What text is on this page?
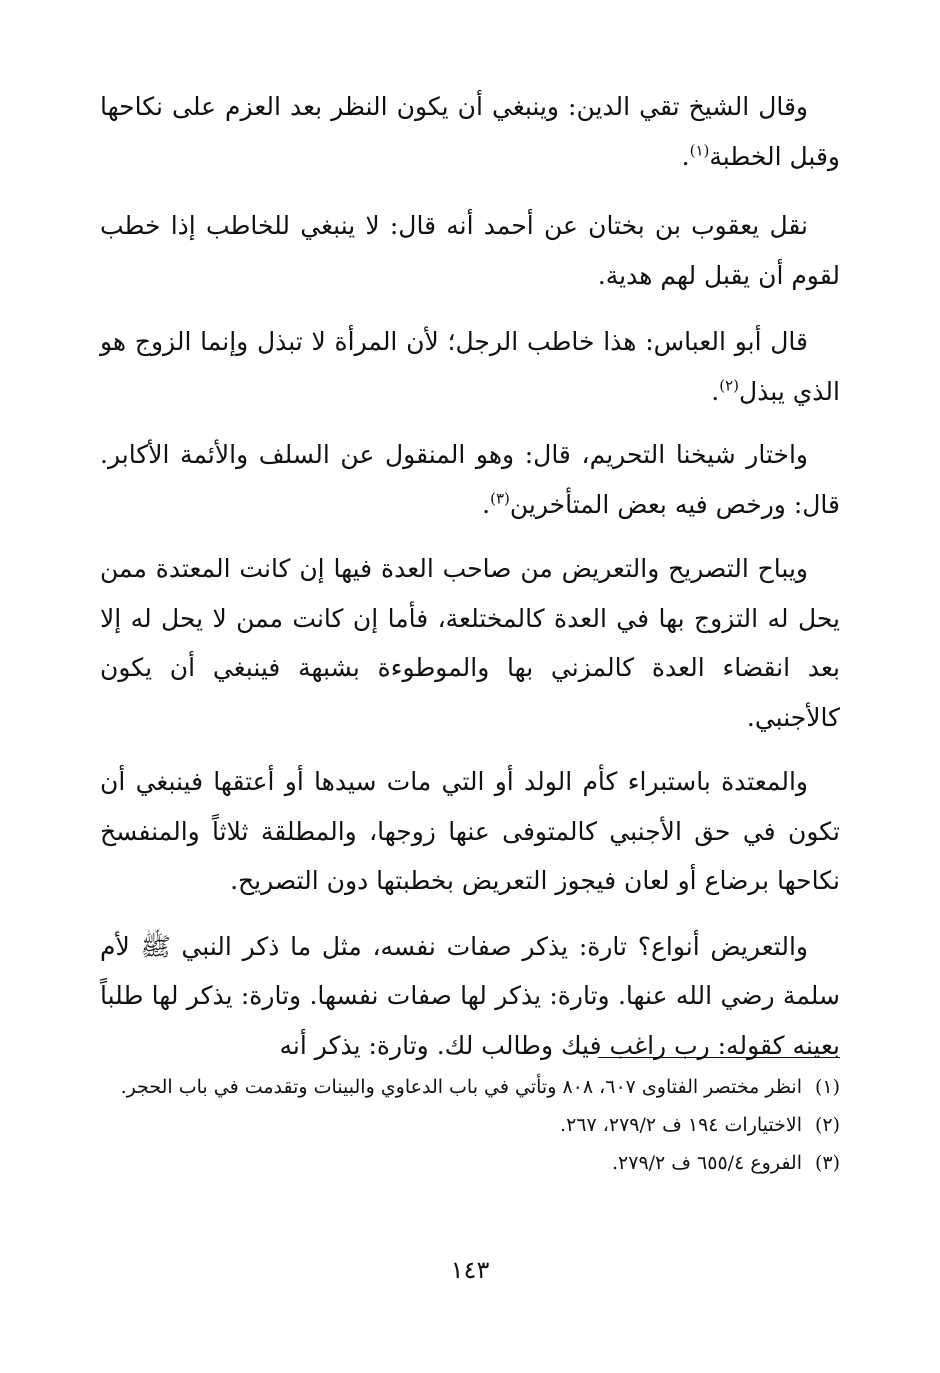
وقال الشيخ تقي الدين: وينبغي أن يكون النظر بعد العزم على نكاحها وقبل الخطبة$^{(١)}$.

نقل يعقوب بن بختان عن أحمد أنه قال: لا ينبغي للخاطب إذا خطب لقوم أن يقبل لهم هدية.

قال أبو العباس: هذا خاطب الرجل؛ لأن المرأة لا تبذل وإنما الزوج هو الذي يبذل$^{(٢)}$.

واختار شيخنا التحريم، قال: وهو المنقول عن السلف والأئمة الأكابر. قال: ورخص فيه بعض المتأخرين$^{(٣)}$.

ويباح التصريح والتعريض من صاحب العدة فيها إن كانت المعتدة ممن يحل له التزوج بها في العدة كالمختلعة، فأما إن كانت ممن لا يحل له إلا بعد انقضاء العدة كالمزني بها والموطوءة بشبهة فينبغي أن يكون كالأجنبي.

والمعتدة باستبراء كأم الولد أو التي مات سيدها أو أعتقها فينبغي أن تكون في حق الأجنبي كالمتوفى عنها زوجها، والمطلقة ثلاثاً والمنفسخ نكاحها برضاع أو لعان فيجوز التعريض بخطبتها دون التصريح.

والتعريض أنواع؟ تارة: يذكر صفات نفسه، مثل ما ذكر النبي ﷺ لأم سلمة رضي الله عنها. وتارة: يذكر لها صفات نفسها. وتارة: يذكر لها طلباً بعينه كقوله: رب راغب فيك وطالب لك. وتارة: يذكر أنه

(١)
انظر مختصر الفتاوى ٦٠٧، ٨٠٨ وتأتي في باب الدعاوي والبينات وتقدمت في باب الحجر.
(٢)
الاختيارات ١٩٤ ف ٢٧٩/٢، ٢٦٧.
(٣)
الفروع ٦٥٥/٤ ف ٢٧٩/٢.
١٤٣
